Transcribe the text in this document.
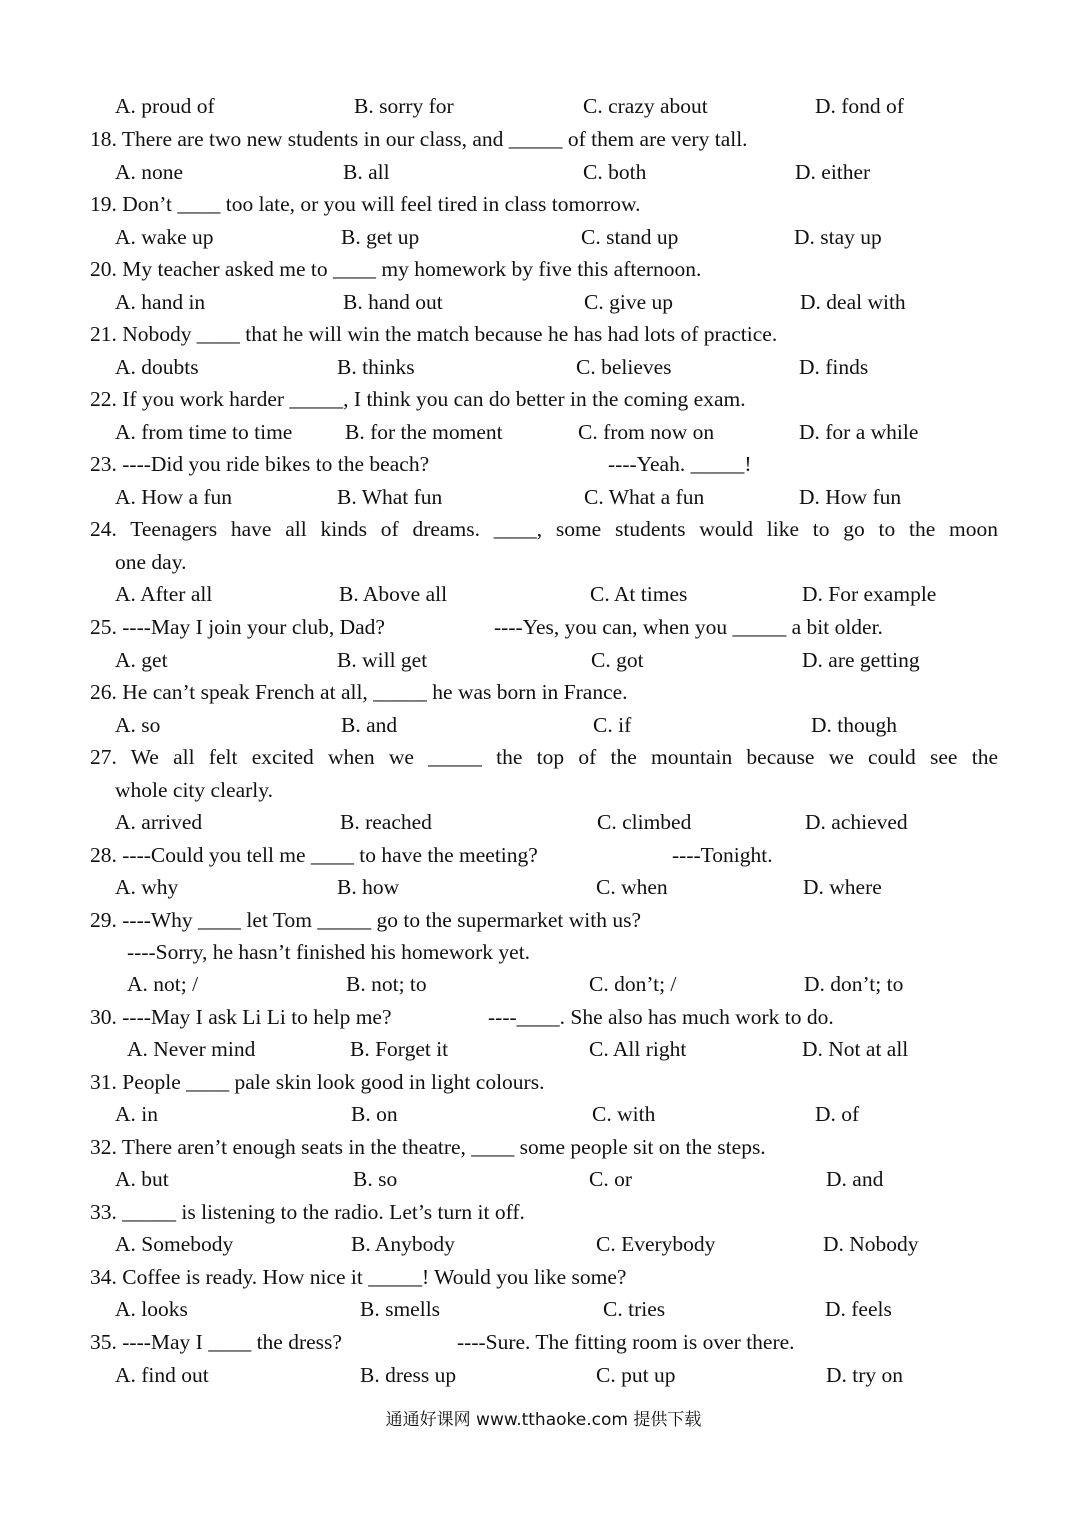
A. proud of	B. sorry for	C. crazy about	D. fond of
18. There are two new students in our class, and _____ of them are very tall.
A. none	B. all	C. both	D. either
19. Don’t ____ too late, or you will feel tired in class tomorrow.
A. wake up	B. get up	C. stand up	D. stay up
20. My teacher asked me to ____ my homework by five this afternoon.
A. hand in	B. hand out	C. give up	D. deal with
21. Nobody ____ that he will win the match because he has had lots of practice.
A. doubts	B. thinks	C. believes	D. finds
22. If you work harder _____, I think you can do better in the coming exam.
A. from time to time B. for the moment	C. from now on	D. for a while
23. ----Did you ride bikes to the beach?	----Yeah. _____!
A. How a fun	B. What fun	C. What a fun	D. How fun
24. Teenagers have all kinds of dreams. ____, some students would like to go to the moon
one day.
A. After all	B. Above all	C. At times	D. For example
25. ----May I join your club, Dad?	----Yes, you can, when you _____ a bit older.
A. get	B. will get	C. got	D. are getting
26. He can’t speak French at all, _____ he was born in France.
A. so	B. and	C. if	D. though
27. We all felt excited when we _____ the top of the mountain because we could see the
whole city clearly.
A. arrived	B. reached	C. climbed	D. achieved
28. ----Could you tell me ____ to have the meeting?	----Tonight.
A. why	B. how	C. when	D. where
29. ----Why ____ let Tom _____ go to the supermarket with us?
----Sorry, he hasn’t finished his homework yet.
A. not; /	B. not; to	C. don’t; /	D. don’t; to
30. ----May I ask Li Li to help me?	----____. She also has much work to do.
A. Never mind	B. Forget it	C. All right	D. Not at all
31. People ____ pale skin look good in light colours.
A. in	B. on	C. with	D. of
32. There aren’t enough seats in the theatre, ____ some people sit on the steps.
A. but	B. so	C. or	D. and
33. _____ is listening to the radio. Let’s turn it off.
A. Somebody	B. Anybody	C. Everybody	D. Nobody
34. Coffee is ready. How nice it _____! Would you like some?
A. looks	B. smells	C. tries	D. feels
35. ----May I ____ the dress?	----Sure. The fitting room is over there.
A. find out	B. dress up	C. put up	D. try on
通通好课网 www.tthaoke.com 提供下载
